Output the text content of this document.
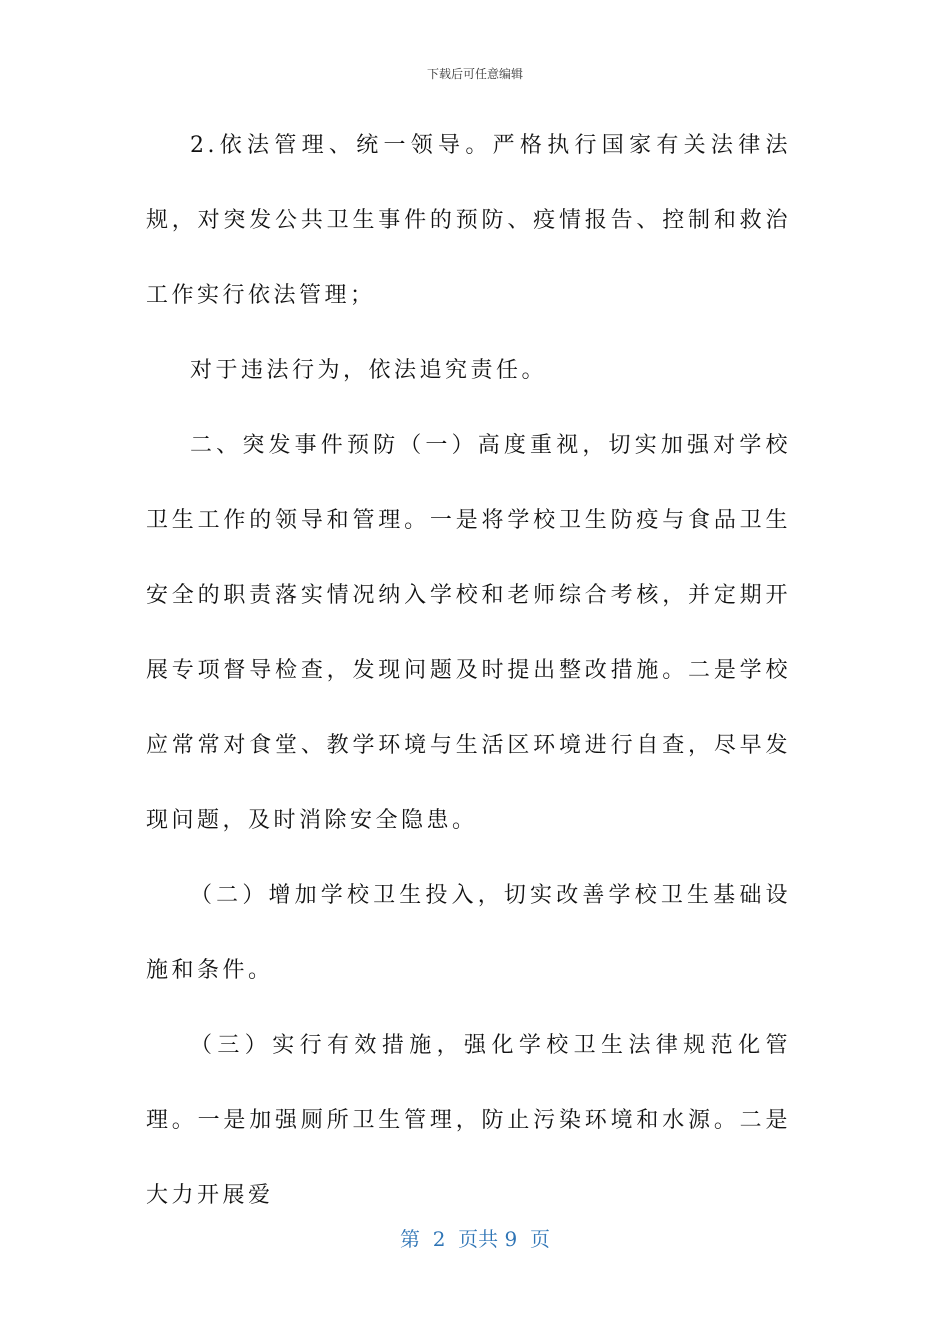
下载后可任意编辑

2.依法管理、统一领导。严格执行国家有关法律法规，对突发公共卫生事件的预防、疫情报告、控制和救治工作实行依法管理；

对于违法行为，依法追究责任。

二、突发事件预防（一）高度重视，切实加强对学校卫生工作的领导和管理。一是将学校卫生防疫与食品卫生安全的职责落实情况纳入学校和老师综合考核，并定期开展专项督导检查，发现问题及时提出整改措施。二是学校应常常对食堂、教学环境与生活区环境进行自查，尽早发现问题，及时消除安全隐患。

（二）增加学校卫生投入，切实改善学校卫生基础设施和条件。

（三）实行有效措施，强化学校卫生法律规范化管理。一是加强厕所卫生管理，防止污染环境和水源。二是大力开展爱

第  2  页共 9  页
